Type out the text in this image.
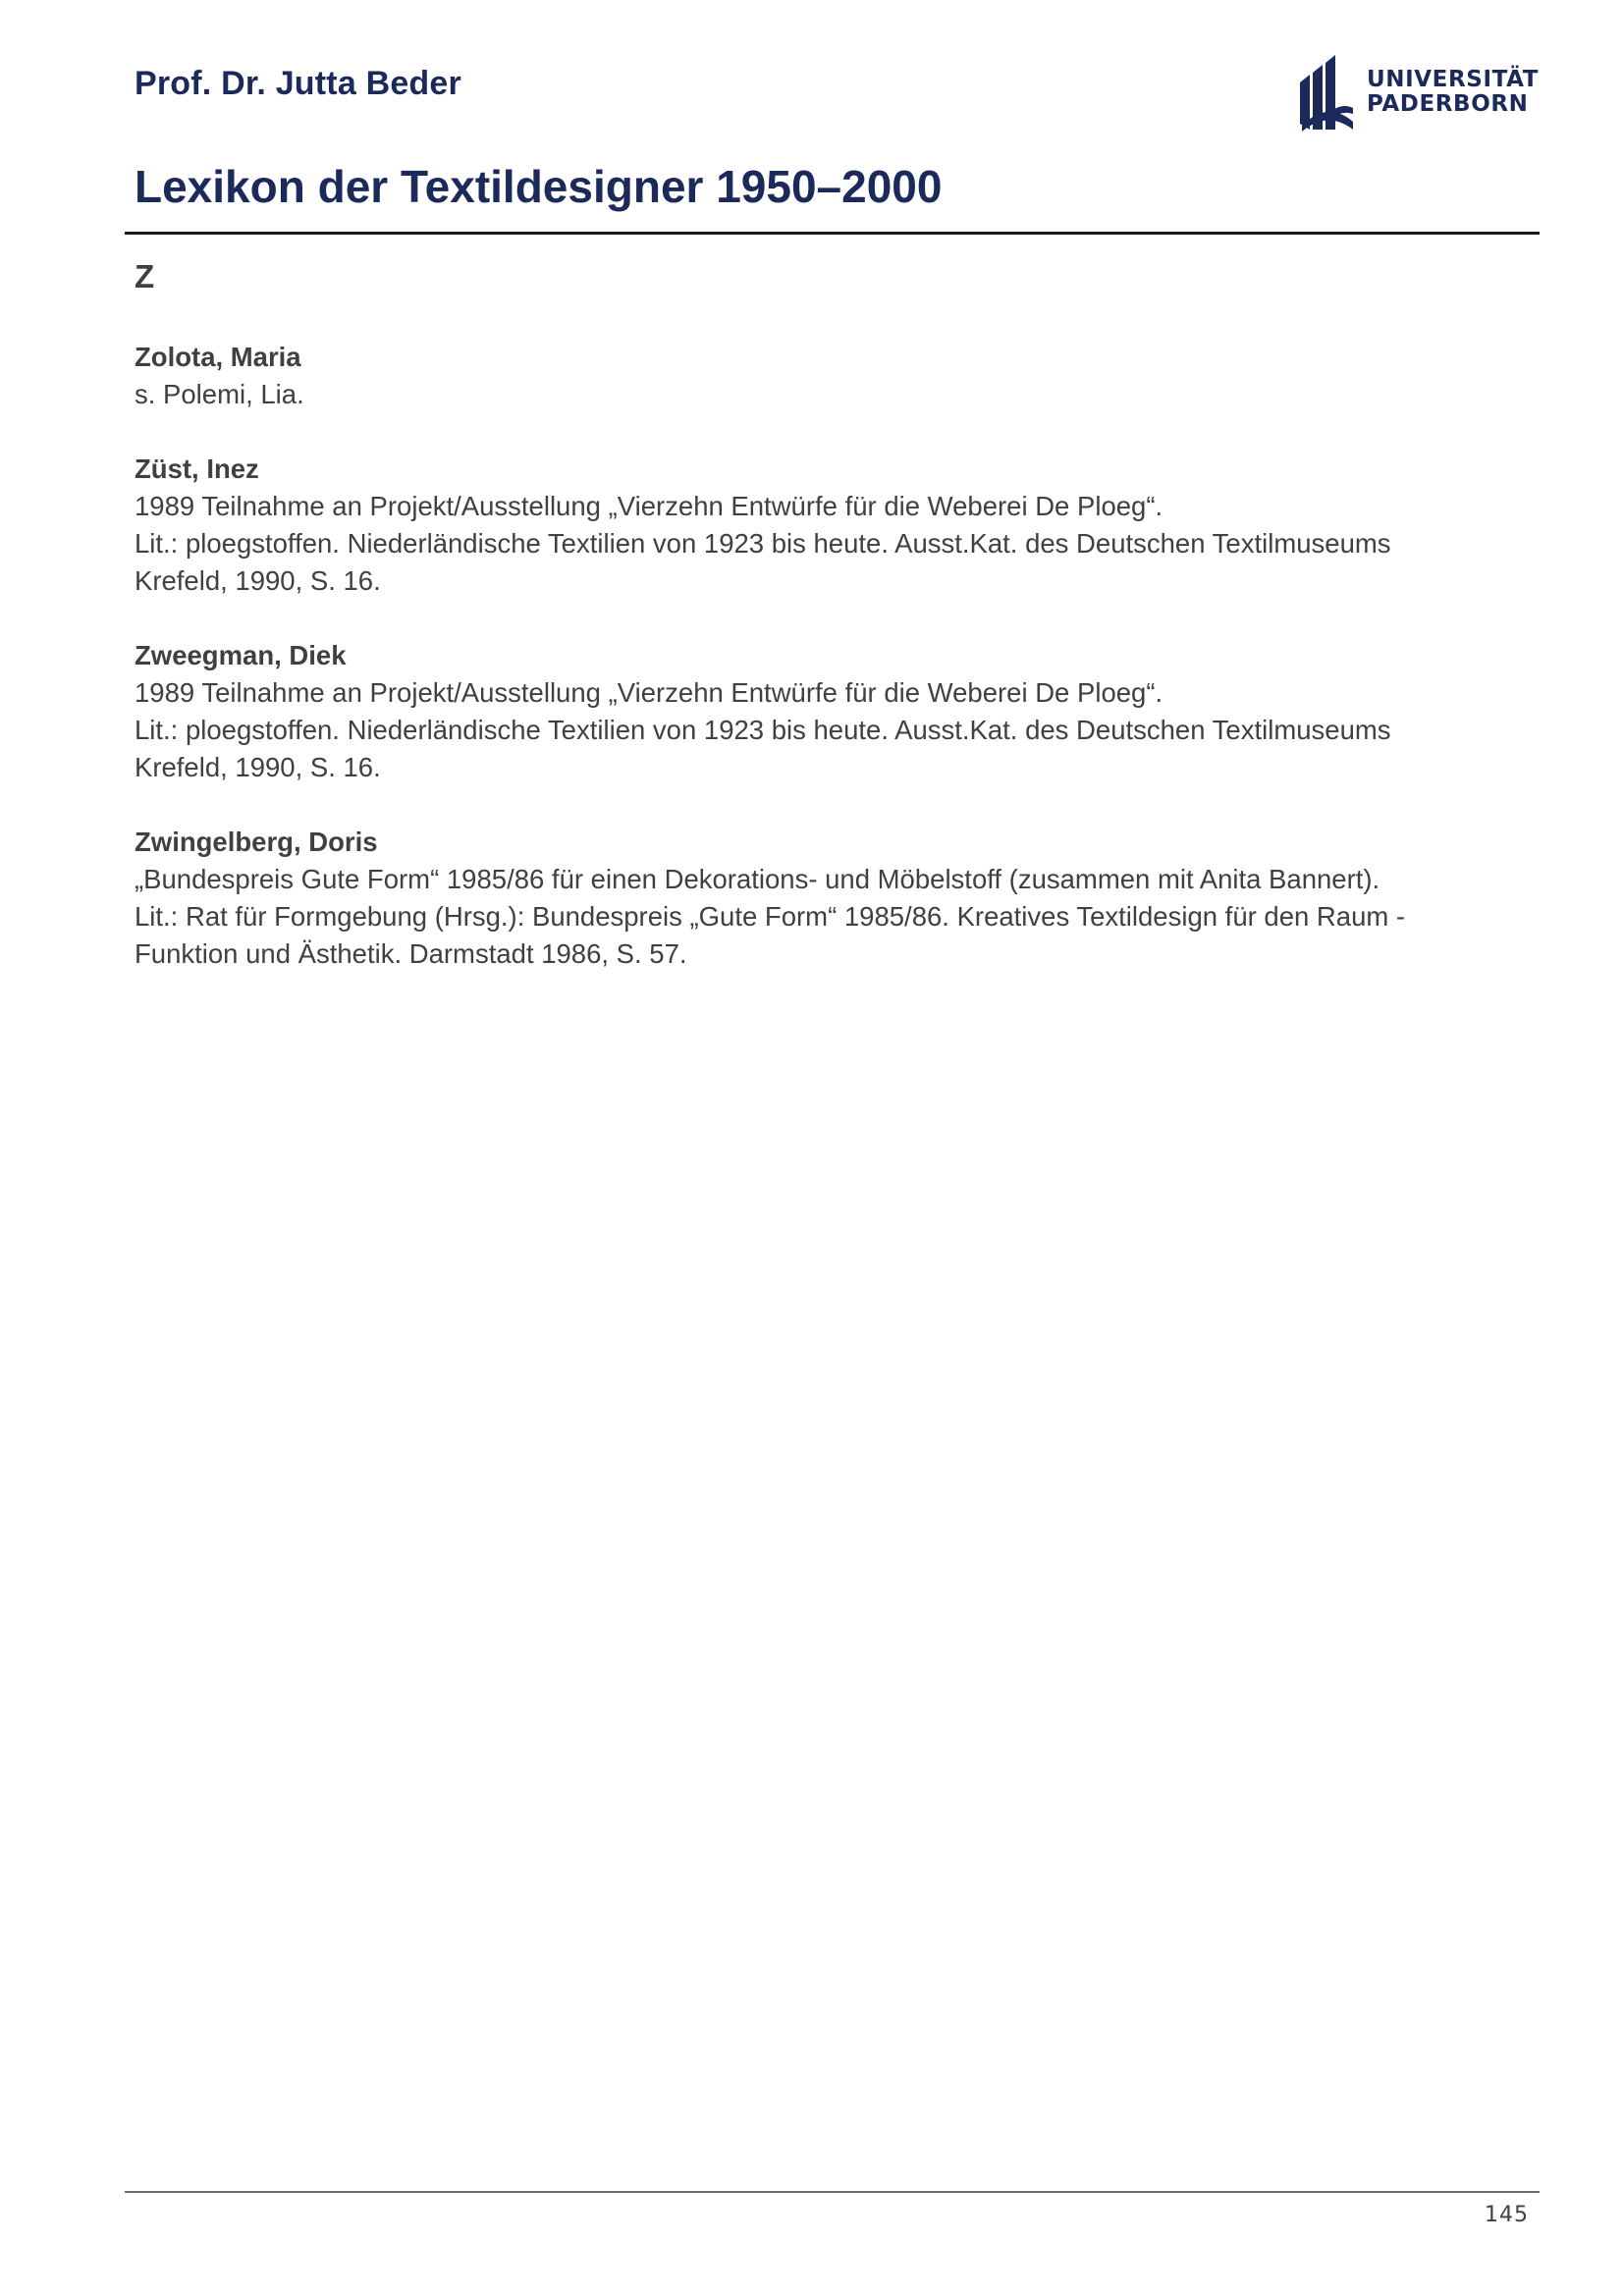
Prof. Dr. Jutta Beder	UNIVERSITÄT
PADERBORN
Lexikon der Textildesigner 1950–2000
Z
Zolota, Maria
s. Polemi, Lia.
Züst, Inez
1989 Teilnahme an Projekt/Ausstellung „Vierzehn Entwürfe für die Weberei De Ploeg“.
Lit.: ploegstoffen. Niederländische Textilien von 1923 bis heute. Ausst.Kat. des Deutschen Textilmuseums
Krefeld, 1990, S. 16.
Zweegman, Diek
1989 Teilnahme an Projekt/Ausstellung „Vierzehn Entwürfe für die Weberei De Ploeg“.
Lit.: ploegstoffen. Niederländische Textilien von 1923 bis heute. Ausst.Kat. des Deutschen Textilmuseums
Krefeld, 1990, S. 16.
Zwingelberg, Doris
„Bundespreis Gute Form“ 1985/86 für einen Dekorations- und Möbelstoff (zusammen mit Anita Bannert).
Lit.: Rat für Formgebung (Hrsg.): Bundespreis „Gute Form“ 1985/86. Kreatives Textildesign für den Raum -
Funktion und Ästhetik. Darmstadt 1986, S. 57.
145
